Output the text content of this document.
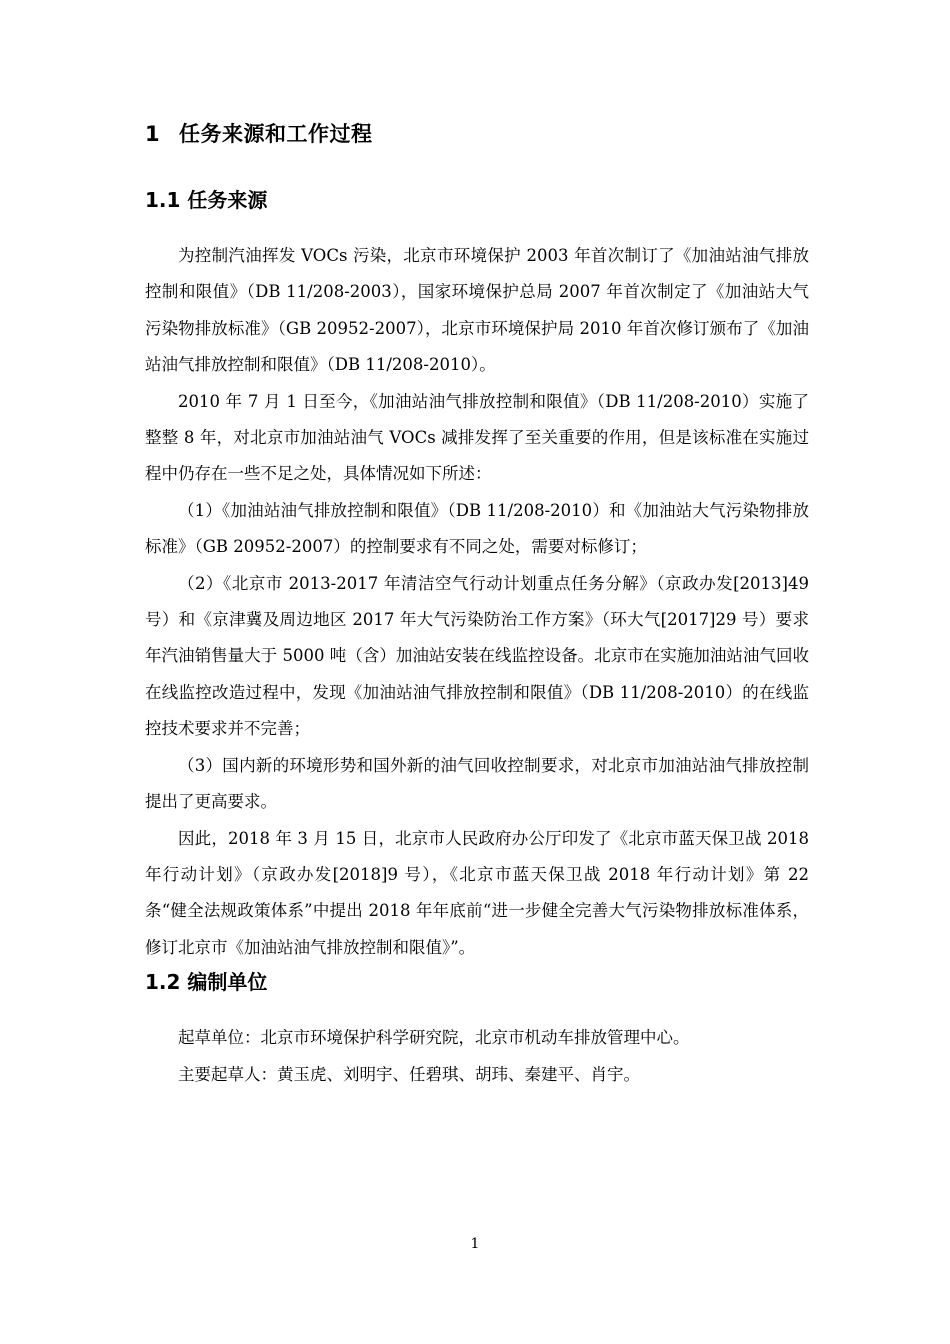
1 任务来源和工作过程
1.1 任务来源

为控制汽油挥发 VOCs 污染，北京市环境保护 2003 年首次制订了《加油站油气排放控制和限值》（DB 11/208-2003），国家环境保护总局 2007 年首次制定了《加油站大气污染物排放标准》（GB 20952-2007），北京市环境保护局 2010 年首次修订颁布了《加油站油气排放控制和限值》（DB 11/208-2010）。

2010 年 7 月 1 日至今，《加油站油气排放控制和限值》（DB 11/208-2010）实施了整整 8 年，对北京市加油站油气 VOCs 减排发挥了至关重要的作用，但是该标准在实施过程中仍存在一些不足之处，具体情况如下所述：

（1）《加油站油气排放控制和限值》（DB 11/208-2010）和《加油站大气污染物排放标准》（GB 20952-2007）的控制要求有不同之处，需要对标修订；

（2）《北京市 2013-2017 年清洁空气行动计划重点任务分解》（京政办发[2013]49 号）和《京津冀及周边地区 2017 年大气污染防治工作方案》（环大气[2017]29 号）要求年汽油销售量大于 5000 吨（含）加油站安装在线监控设备。北京市在实施加油站油气回收在线监控改造过程中，发现《加油站油气排放控制和限值》（DB 11/208-2010）的在线监控技术要求并不完善；

（3）国内新的环境形势和国外新的油气回收控制要求，对北京市加油站油气排放控制提出了更高要求。

因此，2018 年 3 月 15 日，北京市人民政府办公厅印发了《北京市蓝天保卫战 2018 年行动计划》（京政办发[2018]9 号），《北京市蓝天保卫战 2018 年行动计划》第 22 条“健全法规政策体系”中提出 2018 年年底前“进一步健全完善大气污染物排放标准体系，修订北京市《加油站油气排放控制和限值》”。

1.2 编制单位

起草单位：北京市环境保护科学研究院，北京市机动车排放管理中心。

主要起草人：黄玉虎、刘明宇、任碧琪、胡玮、秦建平、肖宇。

1
